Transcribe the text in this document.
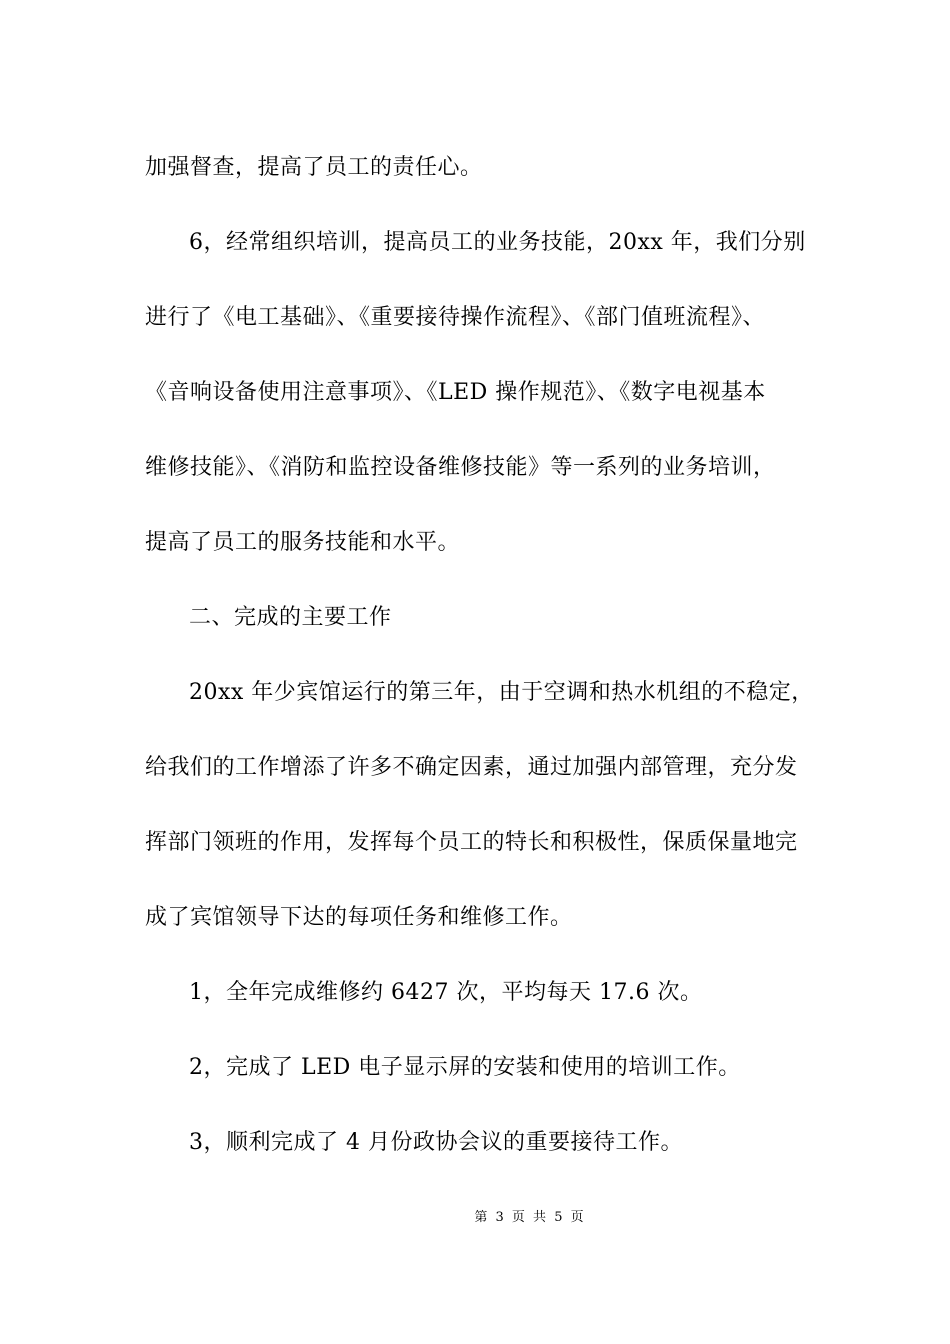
加强督查，提高了员工的责任心。

6，经常组织培训，提高员工的业务技能，20xx 年，我们分别

进行了《电工基础》、《重要接待操作流程》、《部门值班流程》、

《音响设备使用注意事项》、《LED 操作规范》、《数字电视基本

维修技能》、《消防和监控设备维修技能》等一系列的业务培训，

提高了员工的服务技能和水平。

二、完成的主要工作

20xx 年少宾馆运行的第三年，由于空调和热水机组的不稳定，

给我们的工作增添了许多不确定因素，通过加强内部管理，充分发

挥部门领班的作用，发挥每个员工的特长和积极性，保质保量地完

成了宾馆领导下达的每项任务和维修工作。

1，全年完成维修约 6427 次，平均每天 17.6 次。

2，完成了 LED 电子显示屏的安装和使用的培训工作。

3，顺利完成了 4 月份政协会议的重要接待工作。

第 3 页 共 5 页
